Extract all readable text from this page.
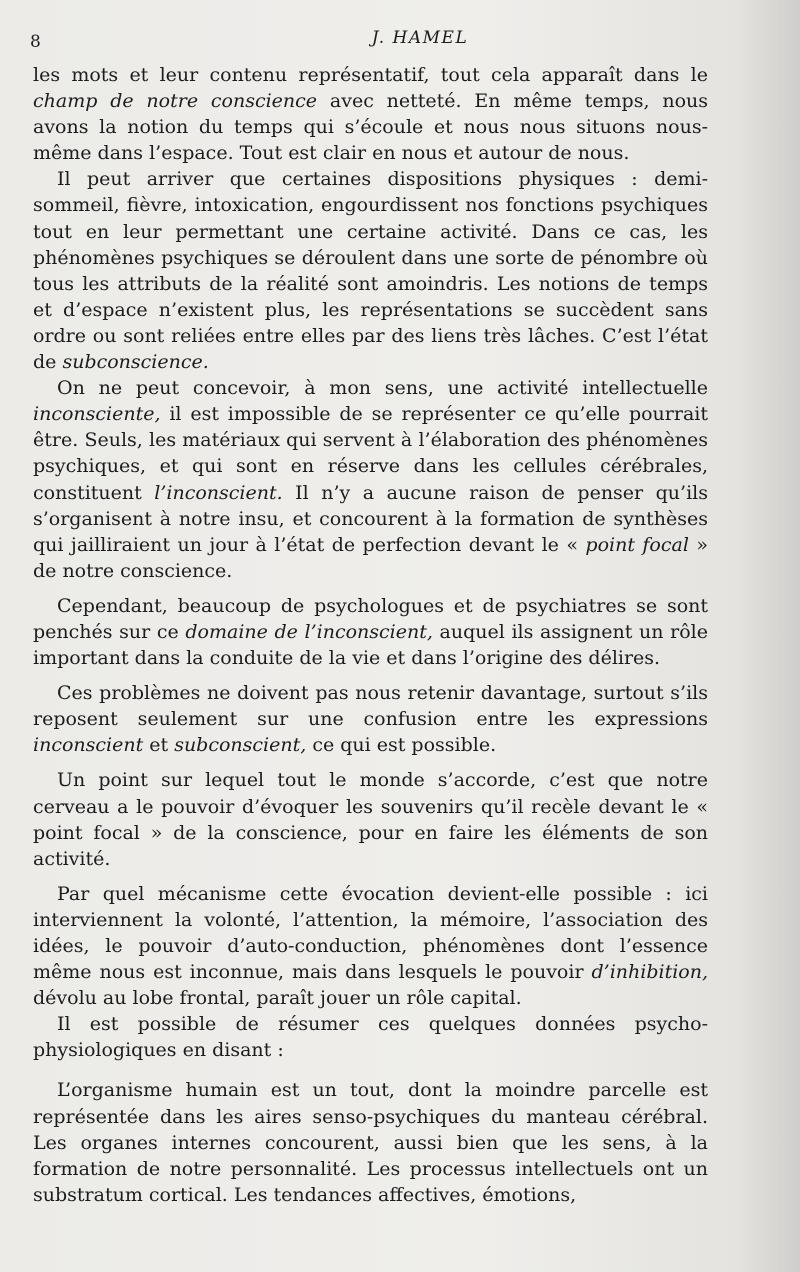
8	J. HAMEL

les mots et leur contenu représentatif, tout cela apparaît dans le champ de notre conscience avec netteté. En même temps, nous avons la notion du temps qui s’écoule et nous nous situons nous-même dans l’espace. Tout est clair en nous et autour de nous.

Il peut arriver que certaines dispositions physiques : demi-sommeil, fièvre, intoxication, engourdissent nos fonctions psychiques tout en leur permettant une certaine activité. Dans ce cas, les phénomènes psychiques se déroulent dans une sorte de pénombre où tous les attributs de la réalité sont amoindris. Les notions de temps et d’espace n’existent plus, les représentations se succèdent sans ordre ou sont reliées entre elles par des liens très lâches. C’est l’état de subconscience.

On ne peut concevoir, à mon sens, une activité intellectuelle inconsciente, il est impossible de se représenter ce qu’elle pourrait être. Seuls, les matériaux qui servent à l’élaboration des phénomènes psychiques, et qui sont en réserve dans les cellules cérébrales, constituent l’inconscient. Il n’y a aucune raison de penser qu’ils s’organisent à notre insu, et concourent à la formation de synthèses qui jailliraient un jour à l’état de perfection devant le « point focal » de notre conscience.

Cependant, beaucoup de psychologues et de psychiatres se sont penchés sur ce domaine de l’inconscient, auquel ils assignent un rôle important dans la conduite de la vie et dans l’origine des délires.

Ces problèmes ne doivent pas nous retenir davantage, surtout s’ils reposent seulement sur une confusion entre les expressions inconscient et subconscient, ce qui est possible.

Un point sur lequel tout le monde s’accorde, c’est que notre cerveau a le pouvoir d’évoquer les souvenirs qu’il recèle devant le « point focal » de la conscience, pour en faire les éléments de son activité.

Par quel mécanisme cette évocation devient-elle possible : ici interviennent la volonté, l’attention, la mémoire, l’association des idées, le pouvoir d’auto-conduction, phénomènes dont l’essence même nous est inconnue, mais dans lesquels le pouvoir d’inhibition, dévolu au lobe frontal, paraît jouer un rôle capital.

Il est possible de résumer ces quelques données psycho-physiologiques en disant :

L’organisme humain est un tout, dont la moindre parcelle est représentée dans les aires senso-psychiques du manteau cérébral. Les organes internes concourent, aussi bien que les sens, à la formation de notre personnalité. Les processus intellectuels ont un substratum cortical. Les tendances affectives, émotions,
